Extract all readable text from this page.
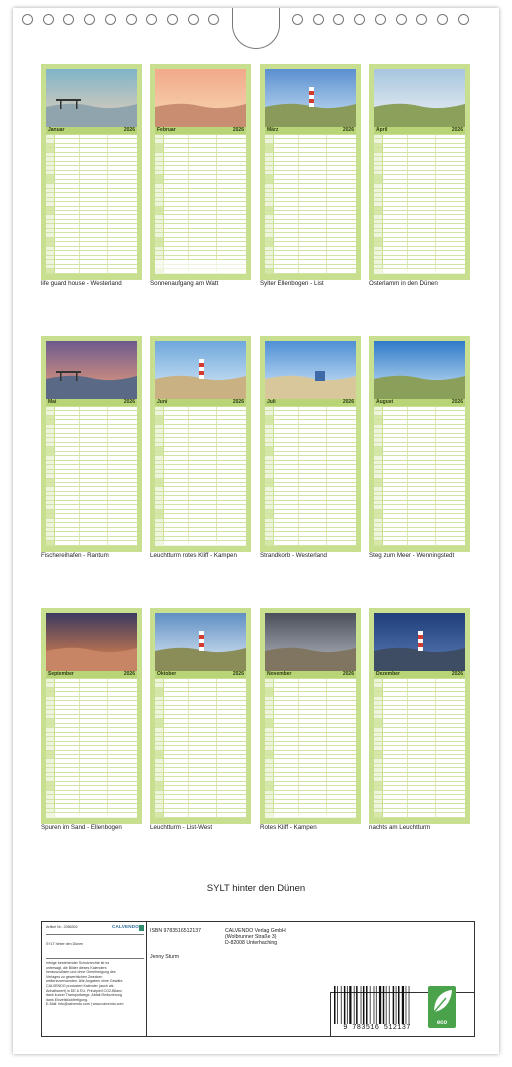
Januar	2026
life guard house - Westerland
Februar	2026
Sonnenaufgang am Watt
März	2026
Sylter Ellenbogen - List
April	2026
Osterlamm in den Dünen
Mai	2026
Fischereihafen - Rantum
Juni	2026
Leuchtturm rotes Kliff - Kampen
Juli	2026
Strandkorb - Westerland
August	2026
Steg zum Meer - Wenningstedt
September	2026
Spuren im Sand - Ellenbogen
Oktober	2026
Leuchtturm - List-West
November	2026
Rotes Kliff - Kampen
Dezember	2026
nachts am Leuchtturm
SYLT hinter den Dünen
Artikel Nr.: 2086302	CALVENDO
SYLT hinter den Dünen
Infolge bestehender Schutzrechte ist es
untersagt, die Bilder dieses Kalenders
herauszulösen und ohne Genehmigung des
Verlages zu gewerblichen Zwecken
weiterzuverwenden. Alle Angaben ohne Gewähr.
CALVENDO produziert Kalender (auch als
Anhaltswert) in DE & EU. Prinzipiell CO2-Bilanz
dank kurzer Transportwege. Abfall-Reduzierung
dank Einzelstückfertigung.
E-Mail: info@calvendo.com | www.calvendo.com
ISBN 9783516512137
Jenny Sturm
CALVENDO Verlag GmbH
(Wolbrunner Straße 3)
D-82008 Unterhaching
9 783516 512137
eco
